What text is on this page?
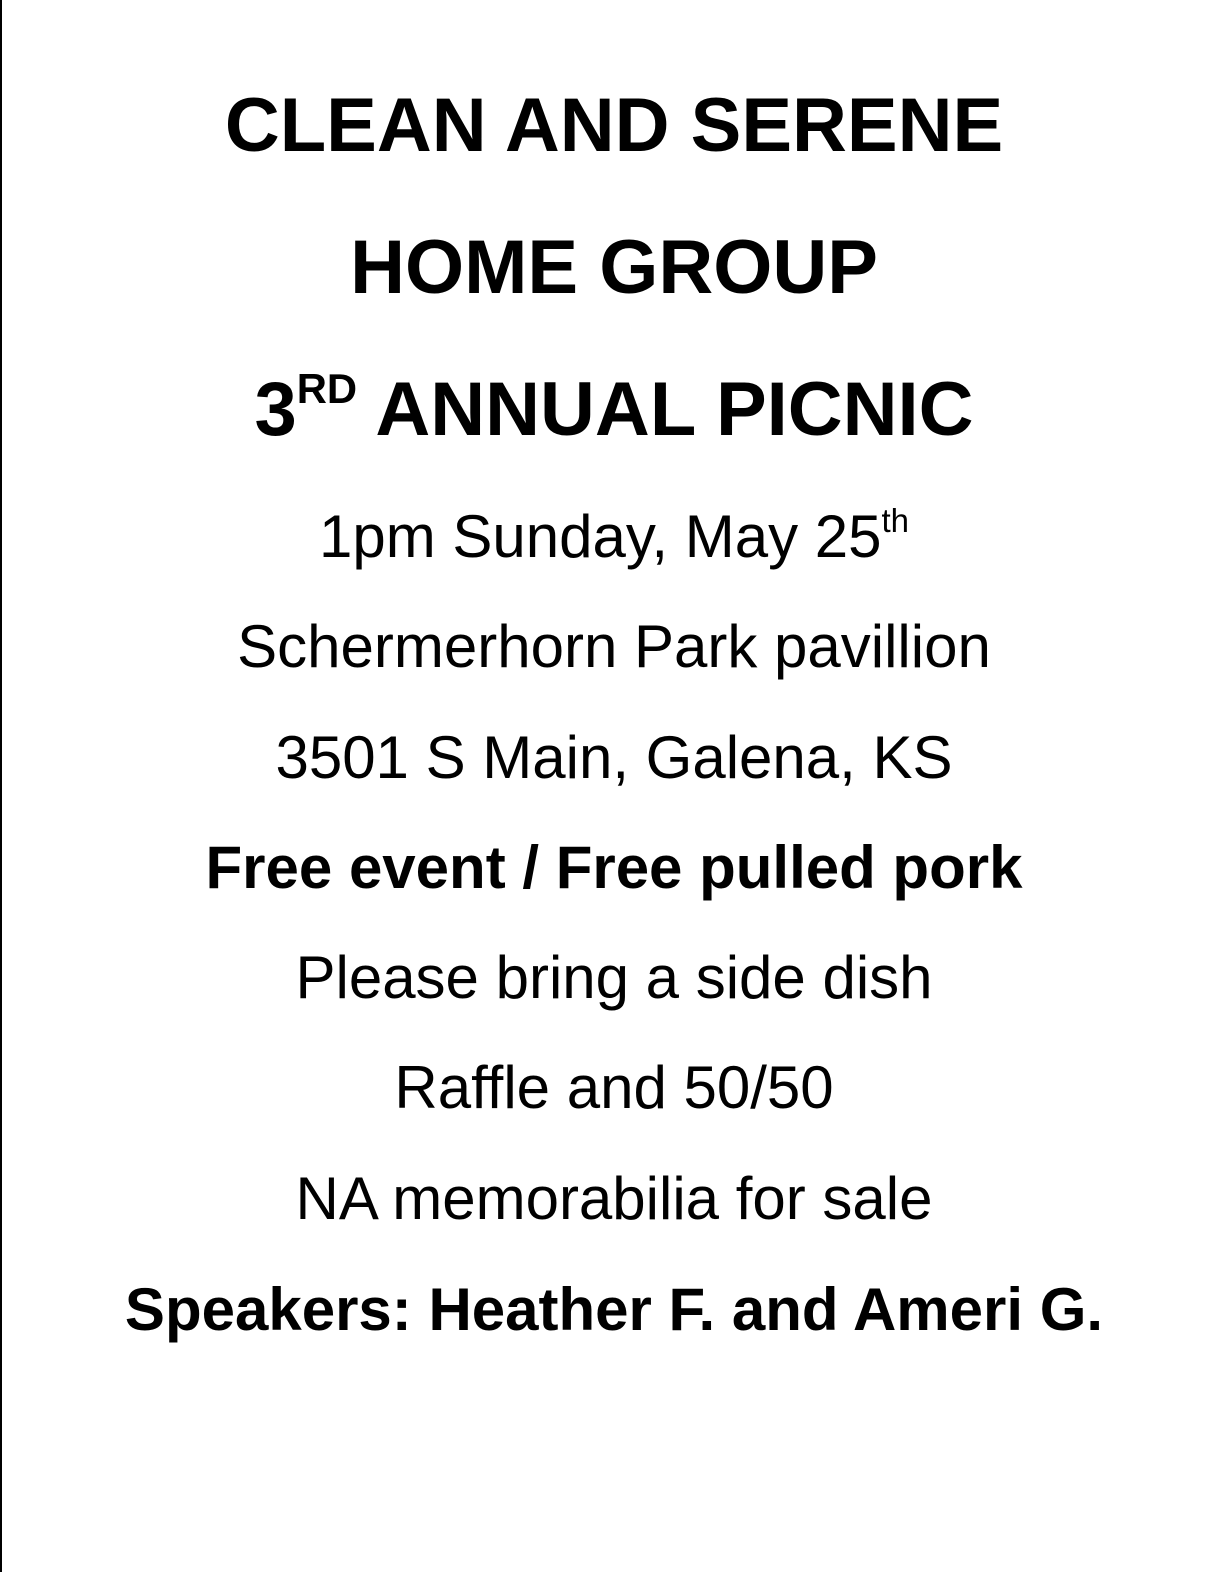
CLEAN AND SERENE
HOME GROUP
3RD ANNUAL PICNIC
1pm Sunday, May 25th
Schermerhorn Park pavillion
3501 S Main, Galena, KS
Free event / Free pulled pork
Please bring a side dish
Raffle and 50/50
NA memorabilia for sale
Speakers: Heather F. and Ameri G.
